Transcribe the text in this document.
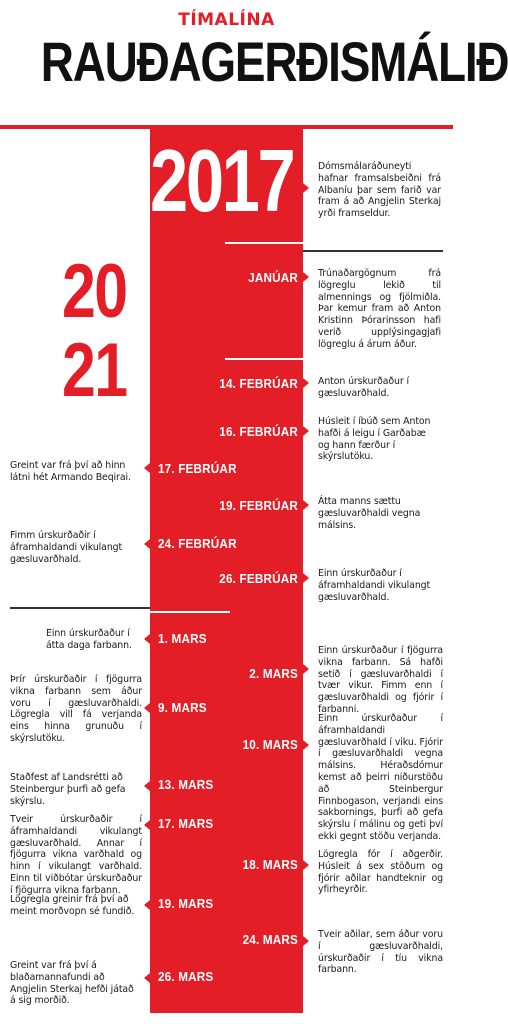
TÍMALÍNA
RAUÐAGERÐISMÁLIÐ
2017	Dómsmálaráðuneyti hafnar framsalsbeiðni frá Albaníu þar sem farið var fram á að Angjelin Sterkaj yrði framseldur.
20
21
JANÚAR Trúnaðargögnum frá lögreglu lekið til almennings og fjölmiðla. Þar kemur fram að Anton Kristinn Þórarinsson hafi verið upplýsingagjafi lögreglu á árum áður.
14. FEBRÚAR Anton úrskurðaður í gæsluvarðhald.
16. FEBRÚAR
Húsleit í íbúð sem Anton hafði á leigu í Garðabæ og hann færður í skýrslutöku.
17. FEBRÚAR
Greint var frá því að hinn látni hét Armando Beqirai.
19. FEBRÚAR Átta manns sættu gæsluvarðhaldi vegna málsins.
24. FEBRÚAR
Fimm úrskurðaðir í áframhaldandi vikulangt gæsluvarðhald.
26. FEBRÚAR Einn úrskurðaður í áframhaldandi vikulangt gæsluvarðhald.
1. MARS
Einn úrskurðaður í átta daga farbann.
2. MARS
Einn úrskurðaður í fjögurra vikna farbann. Sá hafði setið í gæsluvarðhaldi í tvær vikur. Fimm enn í gæsluvarðhaldi og fjórir í farbanni.
9. MARS
Þrír úrskurðaðir í fjögurra vikna farbann sem áður voru í gæsluvarðhaldi. Lögregla vill fá verjanda eins hinna grunuðu í skýrslutöku.	10. MARS
Einn úrskurðaður í áframhaldandi gæsluvarðhald í viku. Fjórir í gæsluvarðhaldi vegna málsins. Héraðsdómur kemst að þeirri niðurstöðu að Steinbergur Finnbogason, verjandi eins sakbornings, þurfi að gefa skýrslu í málinu og geti því ekki gegnt stöðu verjanda.
13. MARS
Staðfest af Landsrétti að Steinbergur þurfi að gefa skýrslu.
17. MARS
Tveir úrskurðaðir í áframhaldandi vikulangt gæsluvarðhald. Annar í fjögurra vikna varðhald og hinn í vikulangt varðhald. Einn til viðbótar úrskurðaður í fjögurra vikna farbann.
18. MARS
Lögregla fór í aðgerðir. Húsleit á sex stöðum og fjórir aðilar handteknir og yfirheyrðir.
19. MARS
Lögregla greinir frá því að meint morðvopn sé fundið.
24. MARS Tveir aðilar, sem áður voru í gæsluvarðhaldi, úrskurðaðir í tíu vikna farbann.
26. MARS
Greint var frá því á blaðamannafundi að Angjelin Sterkaj hefði játað á sig morðið.
